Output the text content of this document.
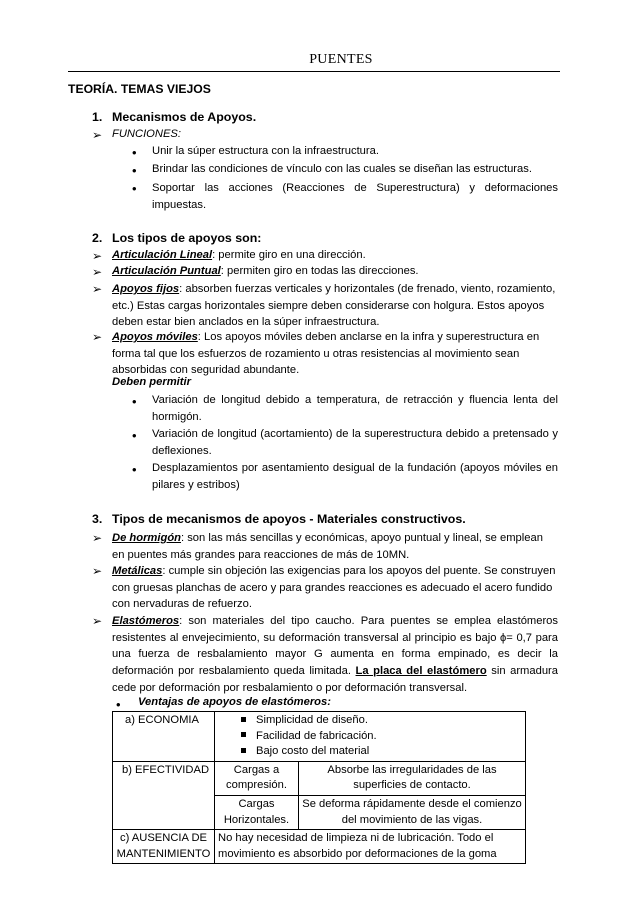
PUENTES
TEORÍA. TEMAS VIEJOS
1. Mecanismos de Apoyos.
➢ FUNCIONES:
• Unir la súper estructura con la infraestructura.
• Brindar las condiciones de vínculo con las cuales se diseñan las estructuras.
• Soportar las acciones (Reacciones de Superestructura) y deformaciones impuestas.
2. Los tipos de apoyos son:
➢ Articulación Lineal: permite giro en una dirección.
➢ Articulación Puntual: permiten giro en todas las direcciones.
➢ Apoyos fijos: absorben fuerzas verticales y horizontales (de frenado, viento, rozamiento, etc.) Estas cargas horizontales siempre deben considerarse con holgura. Estos apoyos deben estar bien anclados en la súper infraestructura.
➢ Apoyos móviles: Los apoyos móviles deben anclarse en la infra y superestructura en forma tal que los esfuerzos de rozamiento u otras resistencias al movimiento sean absorbidas con seguridad abundante.
Deben permitir
• Variación de longitud debido a temperatura, de retracción y fluencia lenta del hormigón.
• Variación de longitud (acortamiento) de la superestructura debido a pretensado y deflexiones.
• Desplazamientos por asentamiento desigual de la fundación (apoyos móviles en pilares y estribos)
3. Tipos de mecanismos de apoyos - Materiales constructivos.
➢ De hormigón: son las más sencillas y económicas, apoyo puntual y lineal, se emplean en puentes más grandes para reacciones de más de 10MN.
➢ Metálicas: cumple sin objeción las exigencias para los apoyos del puente. Se construyen con gruesas planchas de acero y para grandes reacciones es adecuado el acero fundido con nervaduras de refuerzo.
➢ Elastómeros: son materiales del tipo caucho. Para puentes se emplea elastómeros resistentes al envejecimiento, su deformación transversal al principio es bajo ϕ= 0,7 para una fuerza de resbalamiento mayor G aumenta en forma empinado, es decir la deformación por resbalamiento queda limitada. La placa del elastómero sin armadura cede por deformación por resbalamiento o por deformación transversal.
• Ventajas de apoyos de elastómeros:
a) ECONOMIA	Simplicidad de diseño.
Facilidad de fabricación.
Bajo costo del material	

b) EFECTIVIDAD	Cargas a compresión.	Absorbe las irregularidades de las superficies de contacto.
	Cargas Horizontales.	Se deforma rápidamente desde el comienzo del movimiento de las vigas.
c) AUSENCIA DE MANTENIMIENTO	No hay necesidad de limpieza ni de lubricación. Todo el movimiento es absorbido por deformaciones de la goma	
